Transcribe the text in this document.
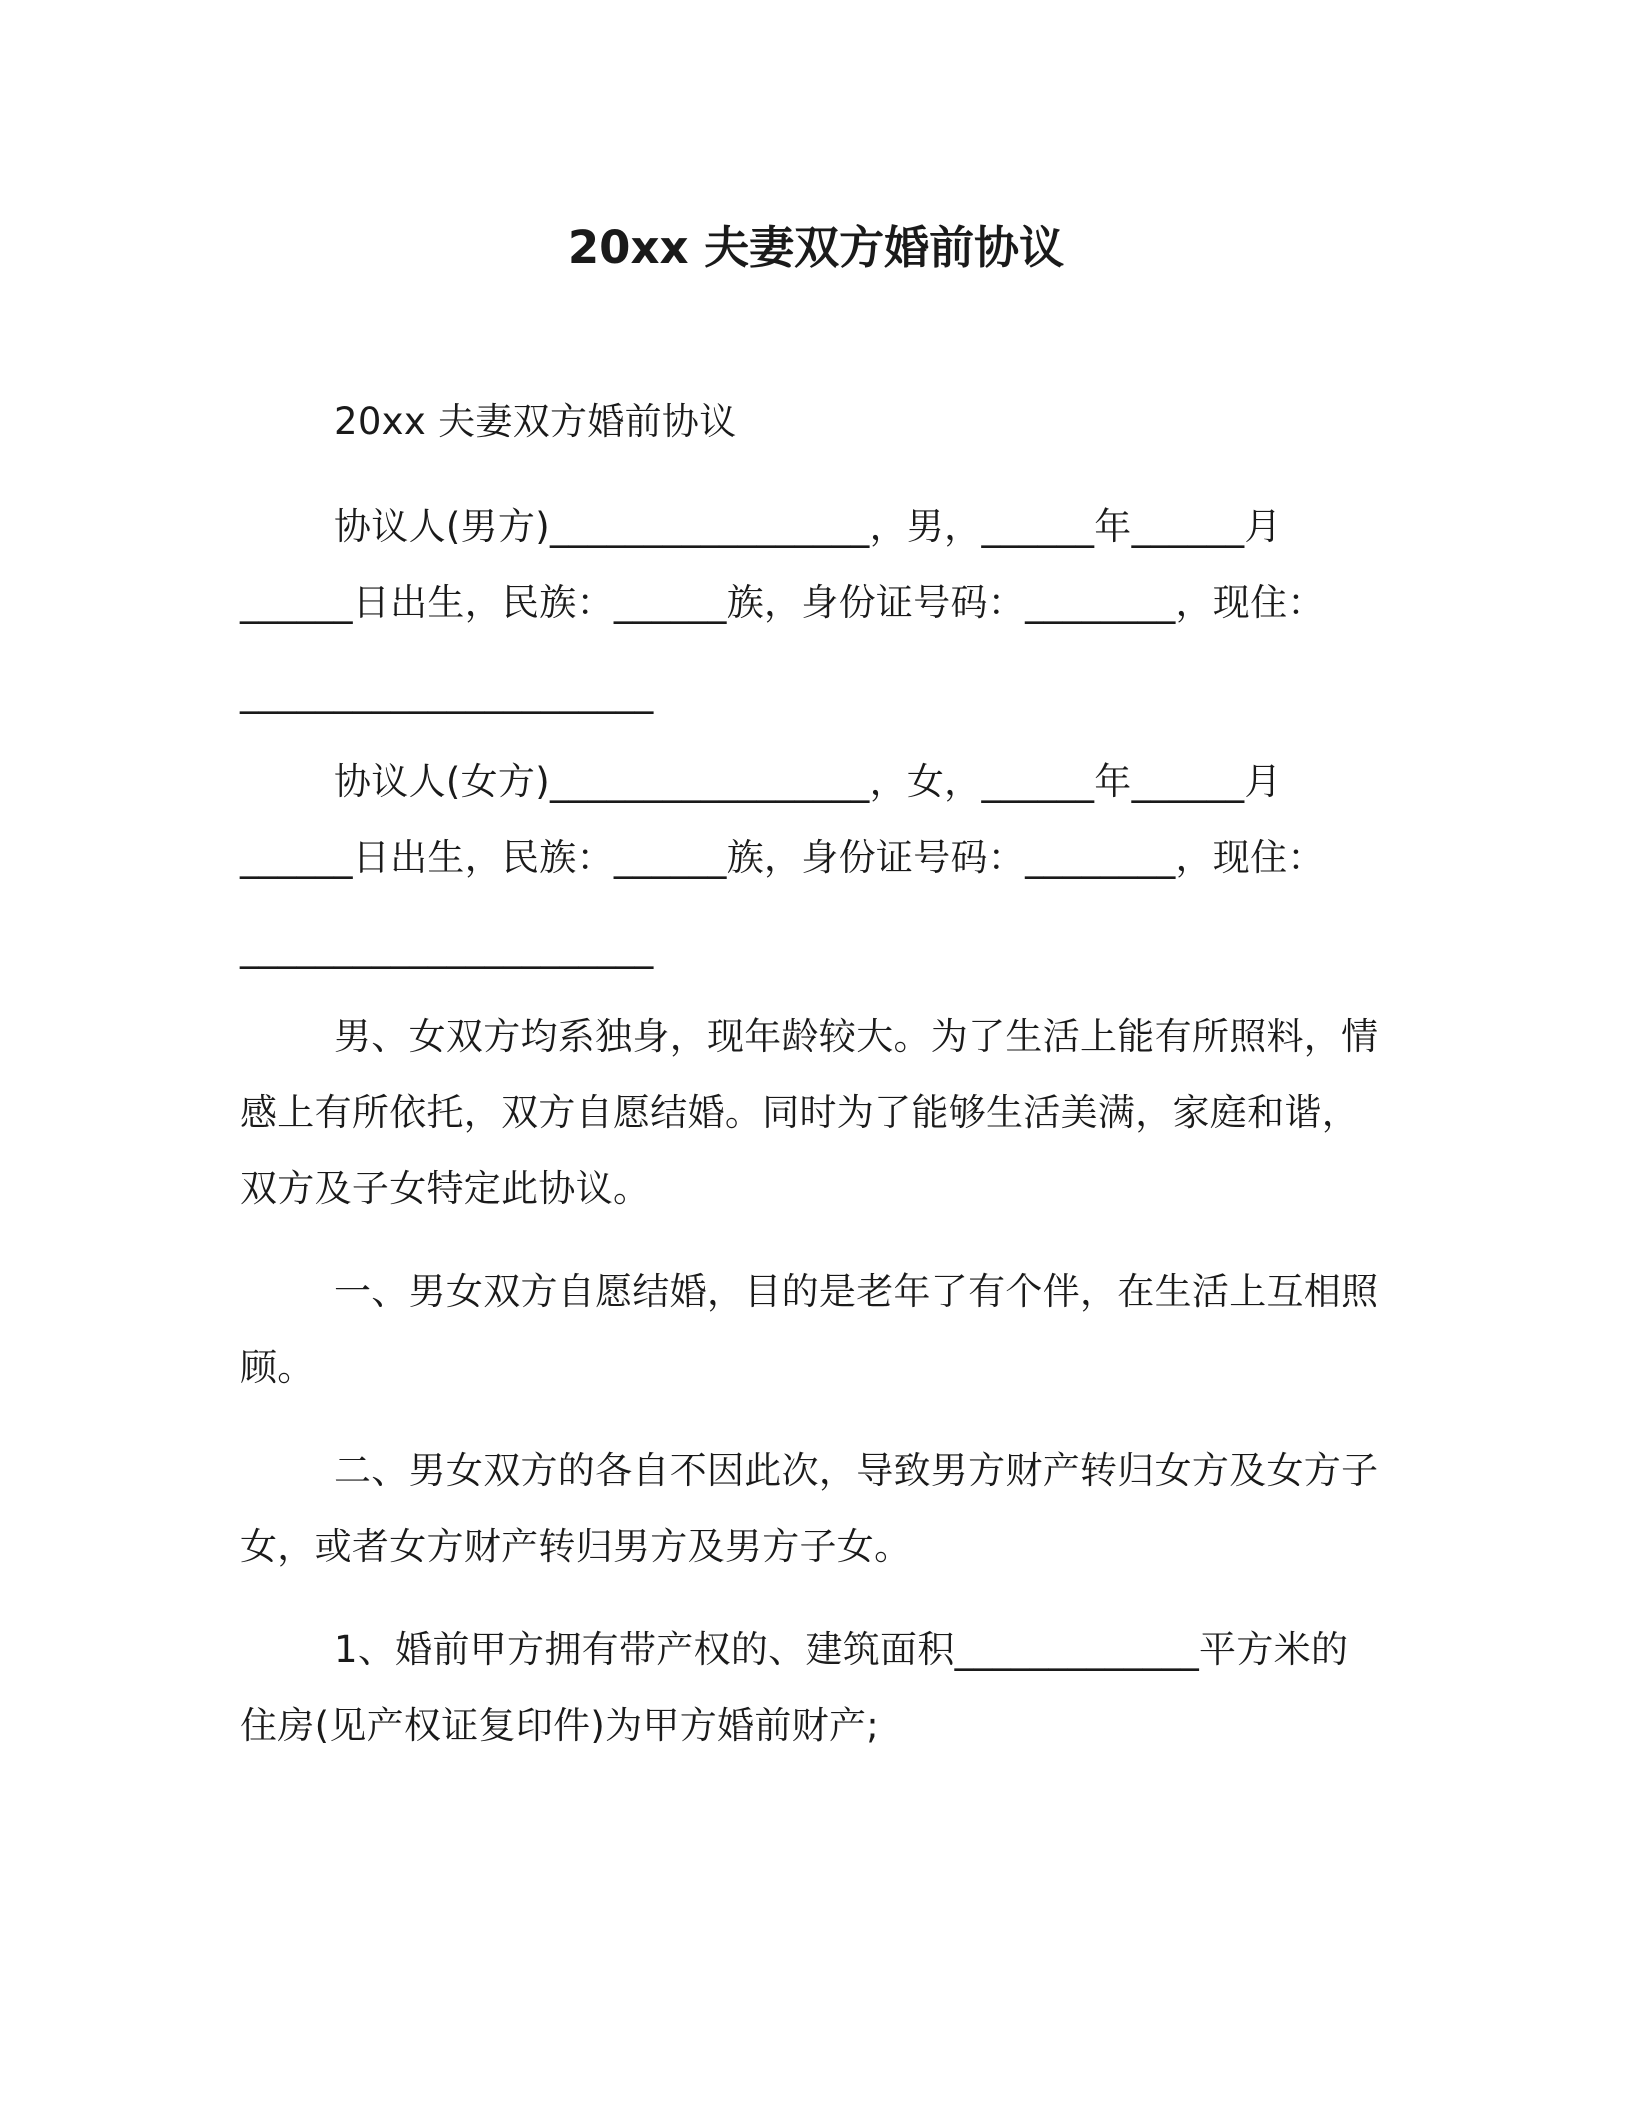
20xx 夫妻双方婚前协议
20xx 夫妻双方婚前协议
协议人(男方)_________________，男，______年______月
______日出生，民族：______族，身份证号码：________，现住：
______________________
协议人(女方)_________________，女，______年______月
______日出生，民族：______族，身份证号码：________，现住：
______________________
男、女双方均系独身，现年龄较大。为了生活上能有所照料，情
感上有所依托，双方自愿结婚。同时为了能够生活美满，家庭和谐，
双方及子女特定此协议。
一、男女双方自愿结婚，目的是老年了有个伴，在生活上互相照
顾。
二、男女双方的各自不因此次，导致男方财产转归女方及女方子
女，或者女方财产转归男方及男方子女。
1、婚前甲方拥有带产权的、建筑面积_____________平方米的
住房(见产权证复印件)为甲方婚前财产;
